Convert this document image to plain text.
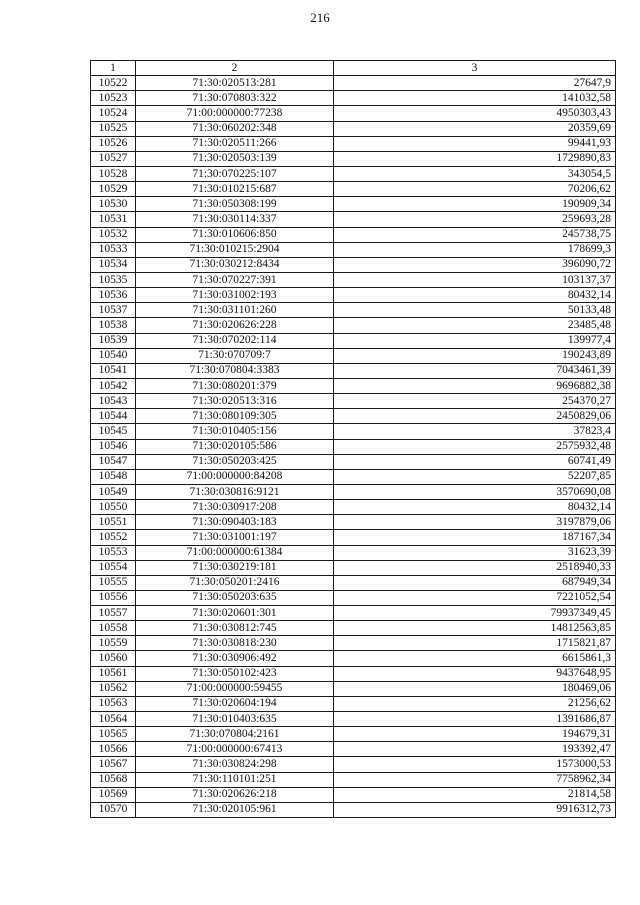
216
1	2	3
10522	71:30:020513:281	27647,9
10523	71:30:070803:322	141032,58
10524	71:00:000000:77238	4950303,43
10525	71:30:060202:348	20359,69
10526	71:30:020511:266	99441,93
10527	71:30:020503:139	1729890,83
10528	71:30:070225:107	343054,5
10529	71:30:010215:687	70206,62
10530	71:30:050308:199	190909,34
10531	71:30:030114:337	259693,28
10532	71:30:010606:850	245738,75
10533	71:30:010215:2904	178699,3
10534	71:30:030212:8434	396090,72
10535	71:30:070227:391	103137,37
10536	71:30:031002:193	80432,14
10537	71:30:031101:260	50133,48
10538	71:30:020626:228	23485,48
10539	71:30:070202:114	139977,4
10540	71:30:070709:7	190243,89
10541	71:30:070804:3383	7043461,39
10542	71:30:080201:379	9696882,38
10543	71:30:020513:316	254370,27
10544	71:30:080109:305	2450829,06
10545	71:30:010405:156	37823,4
10546	71:30:020105:586	2575932,48
10547	71:30:050203:425	60741,49
10548	71:00:000000:84208	52207,85
10549	71:30:030816:9121	3570690,08
10550	71:30:030917:208	80432,14
10551	71:30:090403:183	3197879,06
10552	71:30:031001:197	187167,34
10553	71:00:000000:61384	31623,39
10554	71:30:030219:181	2518940,33
10555	71:30:050201:2416	687949,34
10556	71:30:050203:635	7221052,54
10557	71:30:020601:301	79937349,45
10558	71:30:030812:745	14812563,85
10559	71:30:030818:230	1715821,87
10560	71:30:030906:492	6615861,3
10561	71:30:050102:423	9437648,95
10562	71:00:000000:59455	180469,06
10563	71:30:020604:194	21256,62
10564	71:30:010403:635	1391686,87
10565	71:30:070804:2161	194679,31
10566	71:00:000000:67413	193392,47
10567	71:30:030824:298	1573000,53
10568	71:30:110101:251	7758962,34
10569	71:30:020626:218	21814,58
10570	71:30:020105:961	9916312,73
